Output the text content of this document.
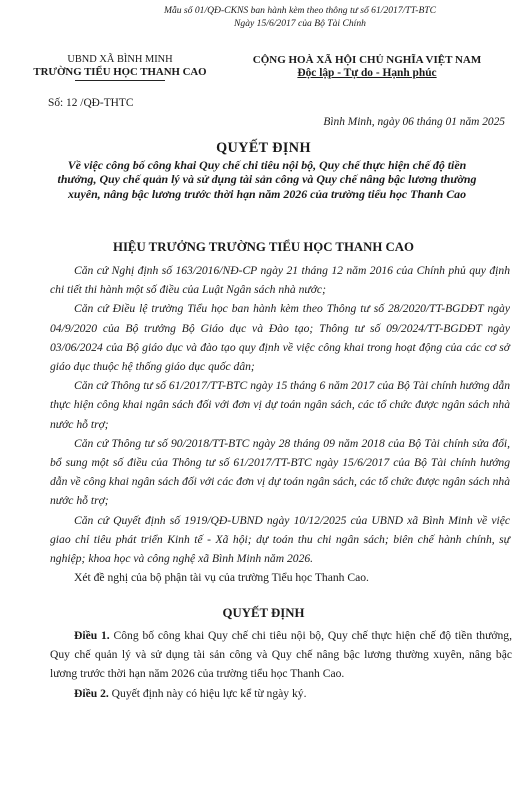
Mẫu số 01/QĐ-CKNS ban hành kèm theo thông tư số 61/2017/TT-BTC
Ngày 15/6/2017 của Bộ Tài Chính
UBND XÃ BÌNH MINH
TRƯỜNG TIỂU HỌC THANH CAO
CỘNG HOÀ XÃ HỘI CHỦ NGHĨA VIỆT NAM
Độc lập - Tự do - Hạnh phúc
Số: 12 /QĐ-THTC
Bình Minh, ngày 06 tháng 01 năm 2025
QUYẾT ĐỊNH
Về việc công bố công khai Quy chế chi tiêu nội bộ, Quy chế thực hiện chế độ tiền thưởng, Quy chế quản lý và sử dụng tài sản công và Quy chế nâng bậc lương thường xuyên, nâng bậc lương trước thời hạn năm 2026 của trường tiểu học Thanh Cao
HIỆU TRƯỞNG TRƯỜNG TIỂU HỌC THANH CAO

Căn cứ Nghị định số 163/2016/NĐ-CP ngày 21 tháng 12 năm 2016 của Chính phủ quy định chi tiết thi hành một số điều của Luật Ngân sách nhà nước;

Căn cứ Điều lệ trường Tiểu học ban hành kèm theo Thông tư số 28/2020/TT-BGDĐT ngày 04/9/2020 của Bộ trưởng Bộ Giáo dục và Đào tạo; Thông tư số 09/2024/TT-BGDĐT ngày 03/06/2024 của Bộ giáo dục và đào tạo quy định về việc công khai trong hoạt động của các cơ sở giáo dục thuộc hệ thống giáo dục quốc dân;

Căn cứ Thông tư số 61/2017/TT-BTC ngày 15 tháng 6 năm 2017 của Bộ Tài chính hướng dẫn thực hiện công khai ngân sách đối với đơn vị dự toán ngân sách, các tổ chức được ngân sách nhà nước hỗ trợ;

Căn cứ Thông tư số 90/2018/TT-BTC ngày 28 tháng 09 năm 2018 của Bộ Tài chính sửa đổi, bổ sung một số điều của Thông tư số 61/2017/TT-BTC ngày 15/6/2017 của Bộ Tài chính hướng dẫn về công khai ngân sách đối với các đơn vị dự toán ngân sách, các tổ chức được ngân sách nhà nước hỗ trợ;

Căn cứ Quyết định số 1919/QĐ-UBND ngày 10/12/2025 của UBND xã Bình Minh về việc giao chỉ tiêu phát triển Kinh tế - Xã hội; dự toán thu chi ngân sách; biên chế hành chính, sự nghiệp; khoa học và công nghệ xã Bình Minh năm 2026.

Xét đề nghị của bộ phận tài vụ của trường Tiểu học Thanh Cao.

QUYẾT ĐỊNH

Điều 1. Công bố công khai Quy chế chi tiêu nội bộ, Quy chế thực hiện chế độ tiền thưởng, Quy chế quản lý và sử dụng tài sản công và Quy chế nâng bậc lương thường xuyên, nâng bậc lương trước thời hạn năm 2026 của trường tiểu học Thanh Cao.

Điều 2. Quyết định này có hiệu lực kể từ ngày ký.
